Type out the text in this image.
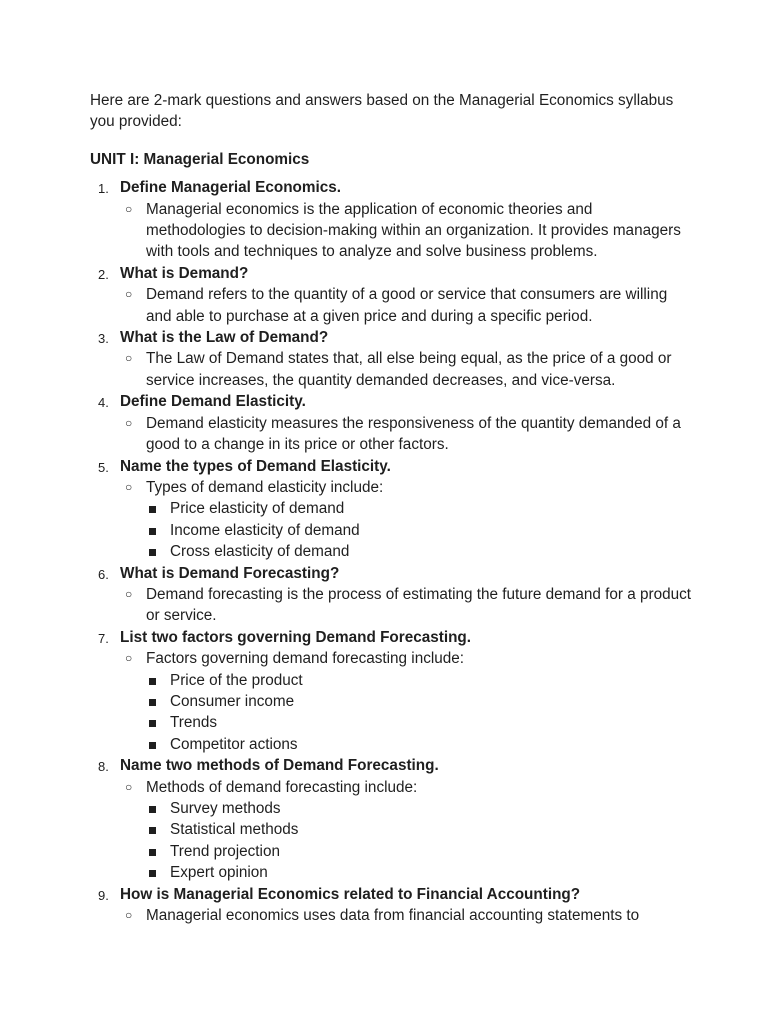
Here are 2-mark questions and answers based on the Managerial Economics syllabus you provided:

UNIT I: Managerial Economics

1. Define Managerial Economics.
○ Managerial economics is the application of economic theories and methodologies to decision-making within an organization. It provides managers with tools and techniques to analyze and solve business problems.
2. What is Demand?
○ Demand refers to the quantity of a good or service that consumers are willing and able to purchase at a given price and during a specific period.
3. What is the Law of Demand?
○ The Law of Demand states that, all else being equal, as the price of a good or service increases, the quantity demanded decreases, and vice-versa.
4. Define Demand Elasticity.
○ Demand elasticity measures the responsiveness of the quantity demanded of a good to a change in its price or other factors.
5. Name the types of Demand Elasticity.
○ Types of demand elasticity include:
Price elasticity of demand
Income elasticity of demand
Cross elasticity of demand
6. What is Demand Forecasting?
○ Demand forecasting is the process of estimating the future demand for a product or service.
7. List two factors governing Demand Forecasting.
○ Factors governing demand forecasting include:
Price of the product
Consumer income
Trends
Competitor actions
8. Name two methods of Demand Forecasting.
○ Methods of demand forecasting include:
Survey methods
Statistical methods
Trend projection
Expert opinion
9. How is Managerial Economics related to Financial Accounting?
○ Managerial economics uses data from financial accounting statements to
